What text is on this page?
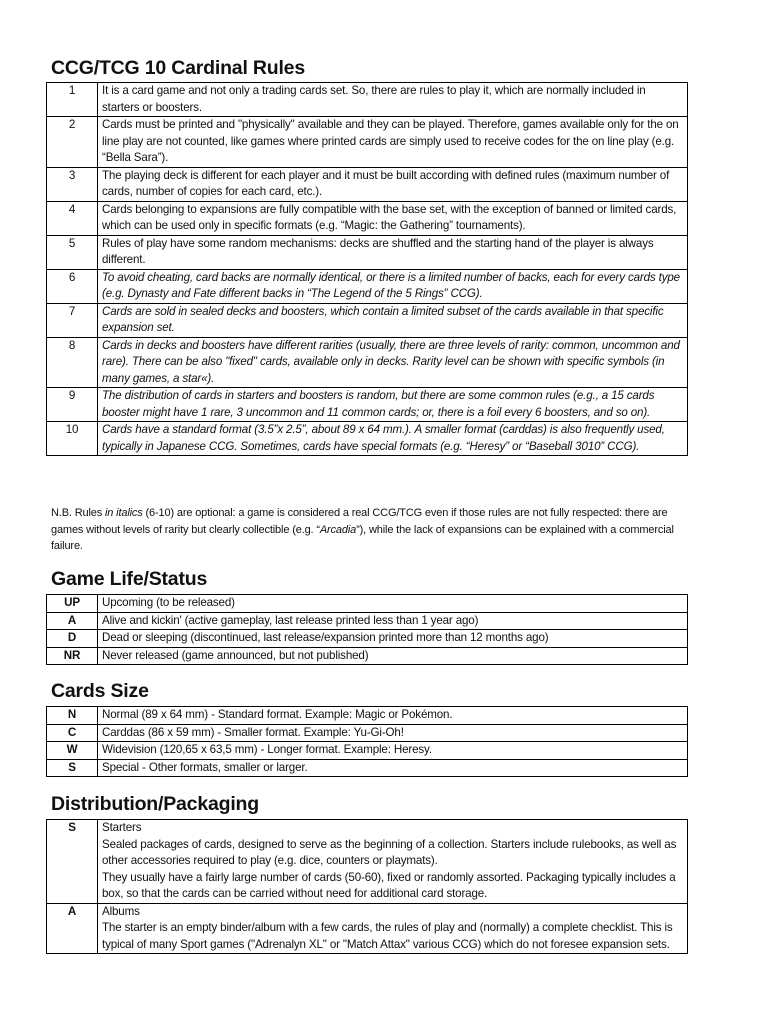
CCG/TCG 10 Cardinal Rules
1	It is a card game and not only a trading cards set. So, there are rules to play it, which are normally included in starters or boosters.
2	Cards must be printed and "physically" available and they can be played. Therefore, games available only for the on line play are not counted, like games where printed cards are simply used to receive codes for the on line play (e.g. “Bella Sara”).
3	The playing deck is different for each player and it must be built according with defined rules (maximum number of cards, number of copies for each card, etc.).
4	Cards belonging to expansions are fully compatible with the base set, with the exception of banned or limited cards, which can be used only in specific formats (e.g. “Magic: the Gathering” tournaments).
5	Rules of play have some random mechanisms: decks are shuffled and the starting hand of the player is always different.
6	To avoid cheating, card backs are normally identical, or there is a limited number of backs, each for every cards type (e.g. Dynasty and Fate different backs in “The Legend of the 5 Rings” CCG).
7	Cards are sold in sealed decks and boosters, which contain a limited subset of the cards available in that specific expansion set.
8	Cards in decks and boosters have different rarities (usually, there are three levels of rarity: common, uncommon and rare). There can be also "fixed" cards, available only in decks. Rarity level can be shown with specific symbols (in many games, a star«).
9	The distribution of cards in starters and boosters is random, but there are some common rules (e.g., a 15 cards booster might have 1 rare, 3 uncommon and 11 common cards; or, there is a foil every 6 boosters, and so on).
10	Cards have a standard format (3.5”x 2.5”, about 89 x 64 mm.). A smaller format (carddas) is also frequently used, typically in Japanese CCG. Sometimes, cards have special formats (e.g. “Heresy” or “Baseball 3010” CCG).
N.B. Rules in italics (6-10) are optional: a game is considered a real CCG/TCG even if those rules are not fully respected: there are games without levels of rarity but clearly collectible (e.g. “Arcadia”), while the lack of expansions can be explained with a commercial failure.
Game Life/Status
UP	Upcoming (to be released)
A	Alive and kickin' (active gameplay, last release printed less than 1 year ago)
D	Dead or sleeping (discontinued, last release/expansion printed more than 12 months ago)
NR	Never released (game announced, but not published)
Cards Size
N	Normal (89 x 64 mm) - Standard format. Example: Magic or Pokémon.
C	Carddas (86 x 59 mm) - Smaller format. Example: Yu-Gi-Oh!
W	Widevision (120,65 x 63,5 mm) - Longer format. Example: Heresy.
S	Special - Other formats, smaller or larger.
Distribution/Packaging
S	Starters
Sealed packages of cards, designed to serve as the beginning of a collection. Starters include rulebooks, as well as other accessories required to play (e.g. dice, counters or playmats).
They usually have a fairly large number of cards (50-60), fixed or randomly assorted. Packaging typically includes a box, so that the cards can be carried without need for additional card storage.

A	Albums
The starter is an empty binder/album with a few cards, the rules of play and (normally) a complete checklist. This is typical of many Sport games ("Adrenalyn XL" or "Match Attax" various CCG) which do not foresee expansion sets.
